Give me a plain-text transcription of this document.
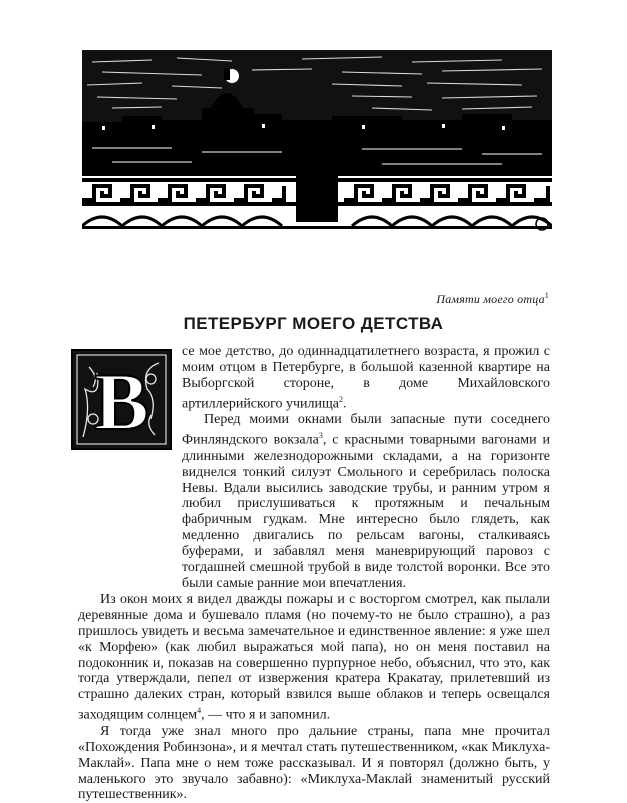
Памяти моего отца$^1$
ПЕТЕРБУРГ МОЕГО ДЕТСТВА
В

се мое детство, до одиннадцатилетнего возраста, я прожил с моим отцом в Петербурге, в большой казенной квартире на Выборгской стороне, в доме Михайловского артиллерийского училища$^2$.

Перед моими окнами были запасные пути соседнего Финляндского вокзала$^3$, с красными товарными вагонами и длинными железнодорожными складами, а на горизонте виднелся тонкий силуэт Смольного и серебрилась полоска Невы. Вдали высились заводские трубы, и ранним утром я любил прислушиваться к протяжным и печальным фабричным гудкам. Мне интересно было глядеть, как медленно двигались по рельсам вагоны, сталкиваясь буферами, и забавлял меня маневрирующий паровоз с тогдашней смешной трубой в виде толстой воронки. Все это были самые ранние мои впечатления.

Из окон моих я видел дважды пожары и с восторгом смотрел, как пылали деревянные дома и бушевало пламя (но почему-то не было страшно), а раз пришлось увидеть и весьма замечательное и единственное явление: я уже шел «к Морфею» (как любил выражаться мой папа), но он меня поставил на подоконник и, показав на совершенно пурпурное небо, объяснил, что это, как тогда утверждали, пепел от извержения кратера Кракатау, прилетевший из страшно далеких стран, который взвился выше облаков и теперь освещался заходящим солнцем$^4$, — что я и запомнил.

Я тогда уже знал много про дальние страны, папа мне прочитал «Похождения Робинзона», и я мечтал стать путешественником, «как Миклуха-Маклай». Папа мне о нем тоже рассказывал. И я повторял (должно быть, у маленького это звучало забавно): «Миклуха-Маклай знаменитый русский путешественник».
